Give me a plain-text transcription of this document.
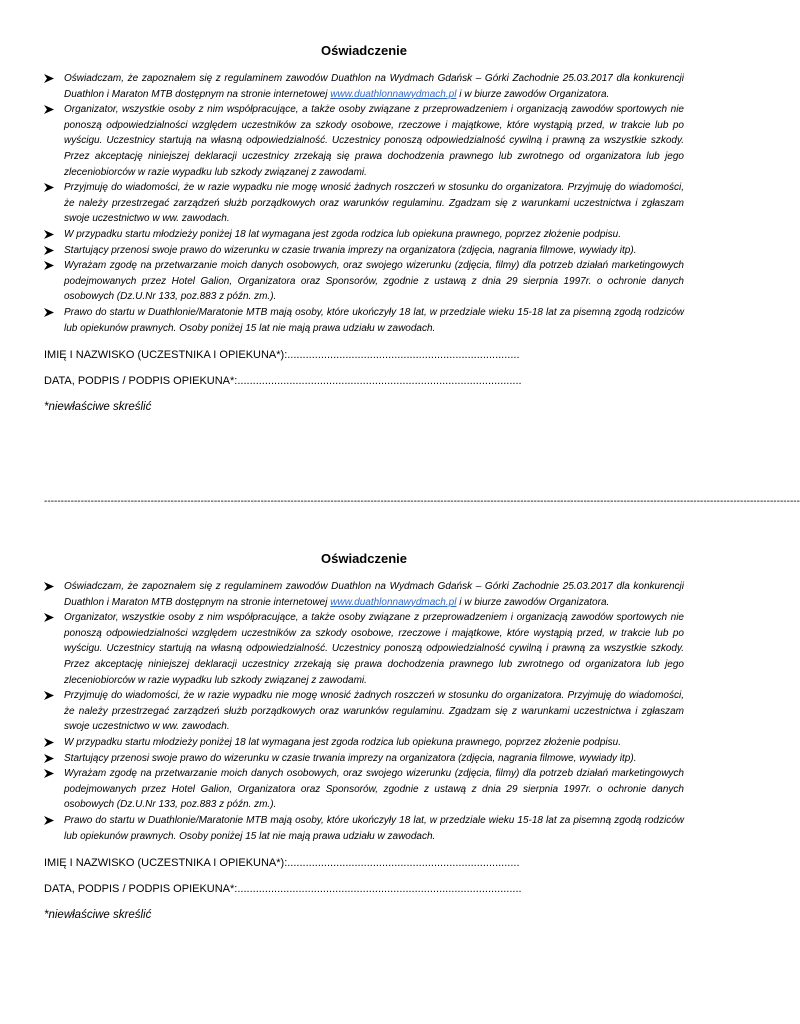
Oświadczenie
Oświadczam, że zapoznałem się z regulaminem zawodów Duathlon na Wydmach Gdańsk – Górki Zachodnie 25.03.2017 dla konkurencji Duathlon i Maraton MTB dostępnym na stronie internetowej www.duathlonnawydmach.pl i w biurze zawodów Organizatora.
Organizator, wszystkie osoby z nim współpracujące, a także osoby związane z przeprowadzeniem i organizacją zawodów sportowych nie ponoszą odpowiedzialności względem uczestników za szkody osobowe, rzeczowe i majątkowe, które wystąpią przed, w trakcie lub po wyścigu. Uczestnicy startują na własną odpowiedzialność. Uczestnicy ponoszą odpowiedzialność cywilną i prawną za wszystkie szkody. Przez akceptację niniejszej deklaracji uczestnicy zrzekają się prawa dochodzenia prawnego lub zwrotnego od organizatora lub jego zleceniobiorców w razie wypadku lub szkody związanej z zawodami.
Przyjmuję do wiadomości, że w razie wypadku nie mogę wnosić żadnych roszczeń w stosunku do organizatora. Przyjmuję do wiadomości, że należy przestrzegać zarządzeń służb porządkowych oraz warunków regulaminu. Zgadzam się z warunkami uczestnictwa i zgłaszam swoje uczestnictwo w ww. zawodach.
W przypadku startu młodzieży poniżej 18 lat wymagana jest zgoda rodzica lub opiekuna prawnego, poprzez złożenie podpisu.
Startujący przenosi swoje prawo do wizerunku w czasie trwania imprezy na organizatora (zdjęcia, nagrania filmowe, wywiady itp).
Wyrażam zgodę na przetwarzanie moich danych osobowych, oraz swojego wizerunku (zdjęcia, filmy) dla potrzeb działań marketingowych podejmowanych przez Hotel Galion, Organizatora oraz Sponsorów, zgodnie z ustawą z dnia 29 sierpnia 1997r. o ochronie danych osobowych (Dz.U.Nr 133, poz.883 z późn. zm.).
Prawo do startu w Duathlonie/Maratonie MTB mają osoby, które ukończyły 18 lat, w przedziale wieku 15-18 lat za pisemną zgodą rodziców lub opiekunów prawnych. Osoby poniżej 15 lat nie mają prawa udziału w zawodach.
IMIĘ I NAZWISKO (UCZESTNIKA I OPIEKUNA*):............................................................................
DATA, PODPIS / PODPIS OPIEKUNA*:.............................................................................................
*niewłaściwe skreślić
-----------------------------------------------------------------------------------------------------------------------------------------------------------------------------------------------------------------------------------
Oświadczenie
Oświadczam, że zapoznałem się z regulaminem zawodów Duathlon na Wydmach Gdańsk – Górki Zachodnie 25.03.2017 dla konkurencji Duathlon i Maraton MTB dostępnym na stronie internetowej www.duathlonnawydmach.pl i w biurze zawodów Organizatora.
Organizator, wszystkie osoby z nim współpracujące, a także osoby związane z przeprowadzeniem i organizacją zawodów sportowych nie ponoszą odpowiedzialności względem uczestników za szkody osobowe, rzeczowe i majątkowe, które wystąpią przed, w trakcie lub po wyścigu. Uczestnicy startują na własną odpowiedzialność. Uczestnicy ponoszą odpowiedzialność cywilną i prawną za wszystkie szkody. Przez akceptację niniejszej deklaracji uczestnicy zrzekają się prawa dochodzenia prawnego lub zwrotnego od organizatora lub jego zleceniobiorców w razie wypadku lub szkody związanej z zawodami.
Przyjmuję do wiadomości, że w razie wypadku nie mogę wnosić żadnych roszczeń w stosunku do organizatora. Przyjmuję do wiadomości, że należy przestrzegać zarządzeń służb porządkowych oraz warunków regulaminu. Zgadzam się z warunkami uczestnictwa i zgłaszam swoje uczestnictwo w ww. zawodach.
W przypadku startu młodzieży poniżej 18 lat wymagana jest zgoda rodzica lub opiekuna prawnego, poprzez złożenie podpisu.
Startujący przenosi swoje prawo do wizerunku w czasie trwania imprezy na organizatora (zdjęcia, nagrania filmowe, wywiady itp).
Wyrażam zgodę na przetwarzanie moich danych osobowych, oraz swojego wizerunku (zdjęcia, filmy) dla potrzeb działań marketingowych podejmowanych przez Hotel Galion, Organizatora oraz Sponsorów, zgodnie z ustawą z dnia 29 sierpnia 1997r. o ochronie danych osobowych (Dz.U.Nr 133, poz.883 z późn. zm.).
Prawo do startu w Duathlonie/Maratonie MTB mają osoby, które ukończyły 18 lat, w przedziale wieku 15-18 lat za pisemną zgodą rodziców lub opiekunów prawnych. Osoby poniżej 15 lat nie mają prawa udziału w zawodach.
IMIĘ I NAZWISKO (UCZESTNIKA I OPIEKUNA*):............................................................................
DATA, PODPIS / PODPIS OPIEKUNA*:.............................................................................................
*niewłaściwe skreślić
